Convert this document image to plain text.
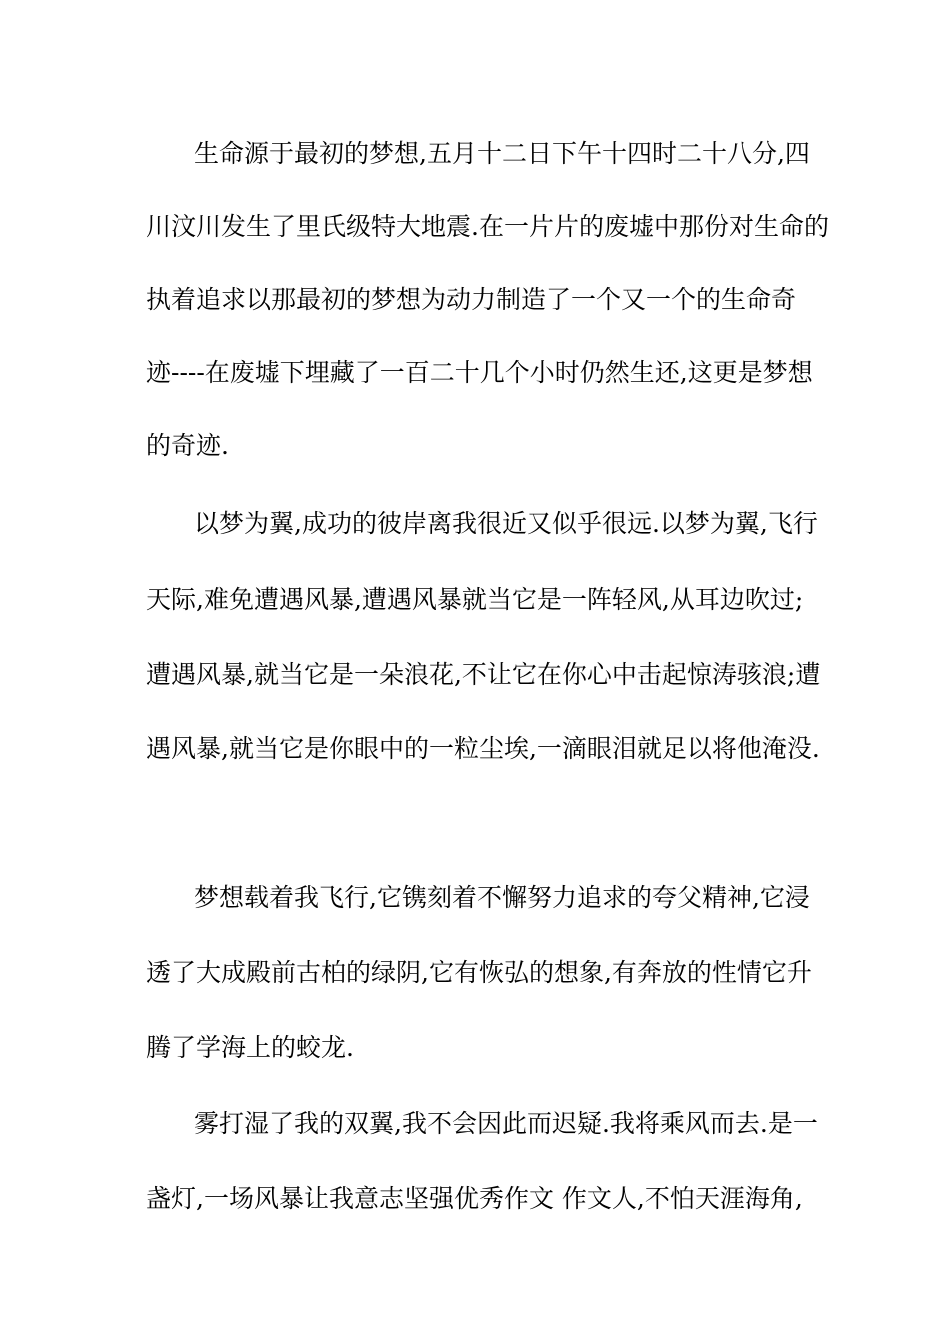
生命源于最初的梦想,五月十二日下午十四时二十八分,四
川汶川发生了里氏级特大地震.在一片片的废墟中那份对生命的
执着追求以那最初的梦想为动力制造了一个又一个的生命奇
迹----在废墟下埋藏了一百二十几个小时仍然生还,这更是梦想
的奇迹.
以梦为翼,成功的彼岸离我很近又似乎很远.以梦为翼,飞行
天际,难免遭遇风暴,遭遇风暴就当它是一阵轻风,从耳边吹过;
遭遇风暴,就当它是一朵浪花,不让它在你心中击起惊涛骇浪;遭
遇风暴,就当它是你眼中的一粒尘埃,一滴眼泪就足以将他淹没.
梦想载着我飞行,它镌刻着不懈努力追求的夸父精神,它浸
透了大成殿前古柏的绿阴,它有恢弘的想象,有奔放的性情它升
腾了学海上的蛟龙.
雾打湿了我的双翼,我不会因此而迟疑.我将乘风而去.是一
盏灯,一场风暴让我意志坚强优秀作文 作文人,不怕天涯海角,
